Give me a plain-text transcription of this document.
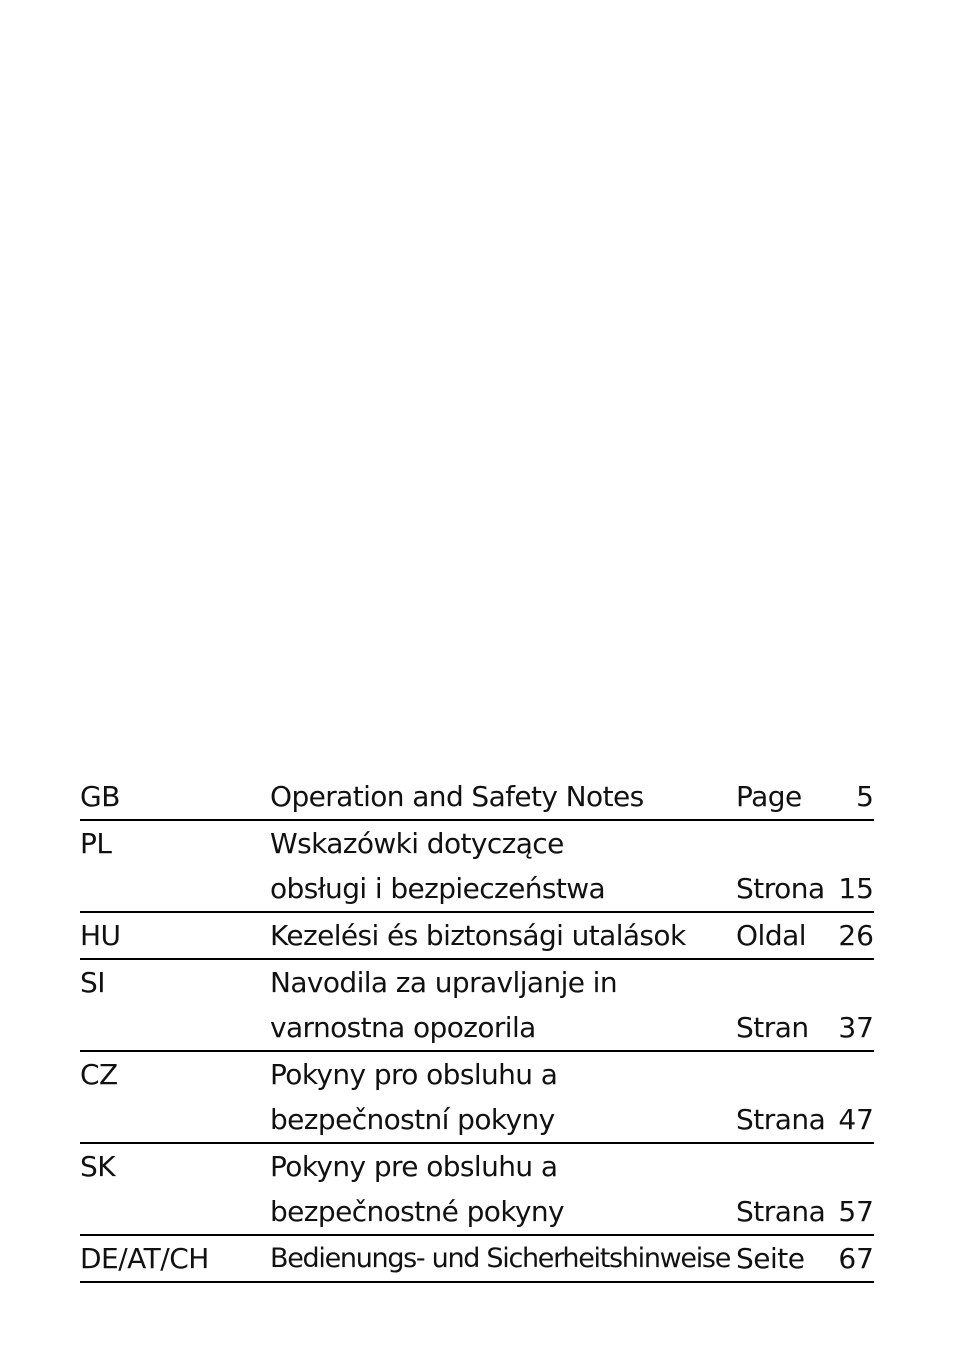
GB	Operation and Safety Notes	Page	5
PL	Wskazówki dotyczące
obsługi i bezpieczeństwa	Strona 15
HU	Kezelési és biztonsági utalások	Oldal	26
SI	Navodila za upravljanje in
varnostna opozorila	Stran	37
CZ	Pokyny pro obsluhu a
bezpečnostní pokyny	Strana 47
SK	Pokyny pre obsluhu a
bezpečnostné pokyny	Strana 57
DE/AT/CH	Bedienungs- und Sicherheitshinweise Seite	67
